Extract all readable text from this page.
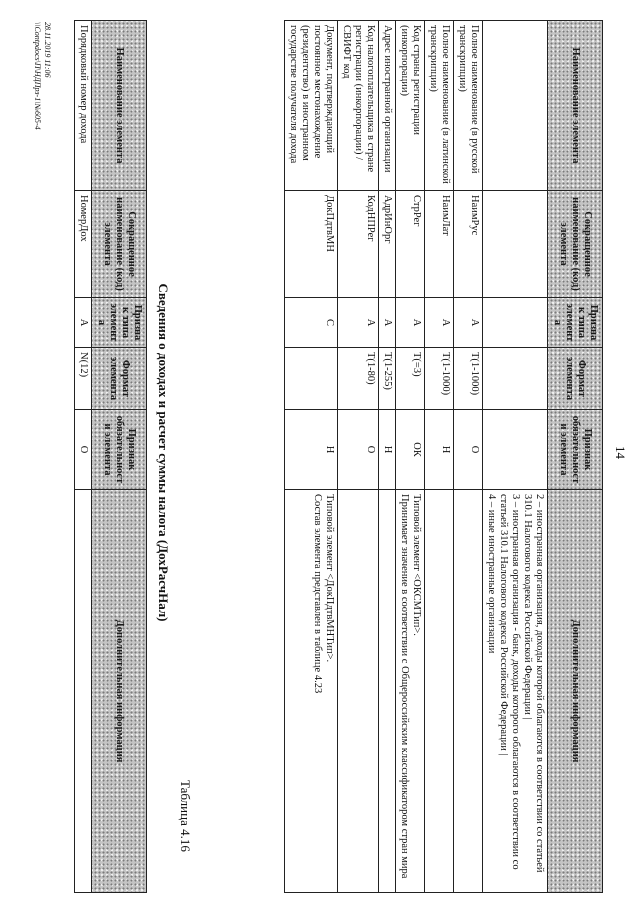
14
Наименование элемента	Сокращенное наименование (код) элемента	Признак типа элемента	Формат элемента	Признак обязательности элемента	Дополнительная информация

					2 – иностранная организация, доходы которой облагаются в соответствии со статьей 310.1 Налогового кодекса Российской Федерации |
3 – иностранная организация - банк, доходы которого облагаются в соответствии со статьей 310.1 Налогового кодекса Российской Федерации |
4 – иные иностранные организации

Полное наименование (в русской транскрипции)	НаимРус	А	T(1-1000)	О	
Полное наименование (в латинской транскрипции)	НаимЛат	А	T(1-1000)	Н	
Код страны регистрации (инкорпорации)	СтрРег	А	T(=3)	ОК	Типовой элемент <ОКСМТип>.
Принимает значение в соответствии с Общероссийским классификатором стран мира

Адрес иностранной организации	АдрИнОрг	А	T(1-255)	Н	
Код налогоплательщика в стране регистрации (инкорпорации) / СВИФТ код	КодНПРег	А	T(1-80)	О	
Документ, подтверждающий постоянное местонахождение (резидентство) в иностранном государстве получателя дохода	ДокПдтвМН	С		Н	Типовой элемент <ДокПдтвМНТип>.
Состав элемента представлен в таблице 4.23
Таблица 4.16
Сведения о доходах и расчет суммы налога (ДохРасчНал)
Наименование элемента	Сокращенное наименование (код) элемента	Признак типа элемента	Формат элемента	Признак обязательности элемента	Дополнительная информация
Порядковый номер дохода	НомерДох	А	N(12)	О	
28.11.2019 11:06
\\Contpdocs\П\НДПрз-1\№605-4
